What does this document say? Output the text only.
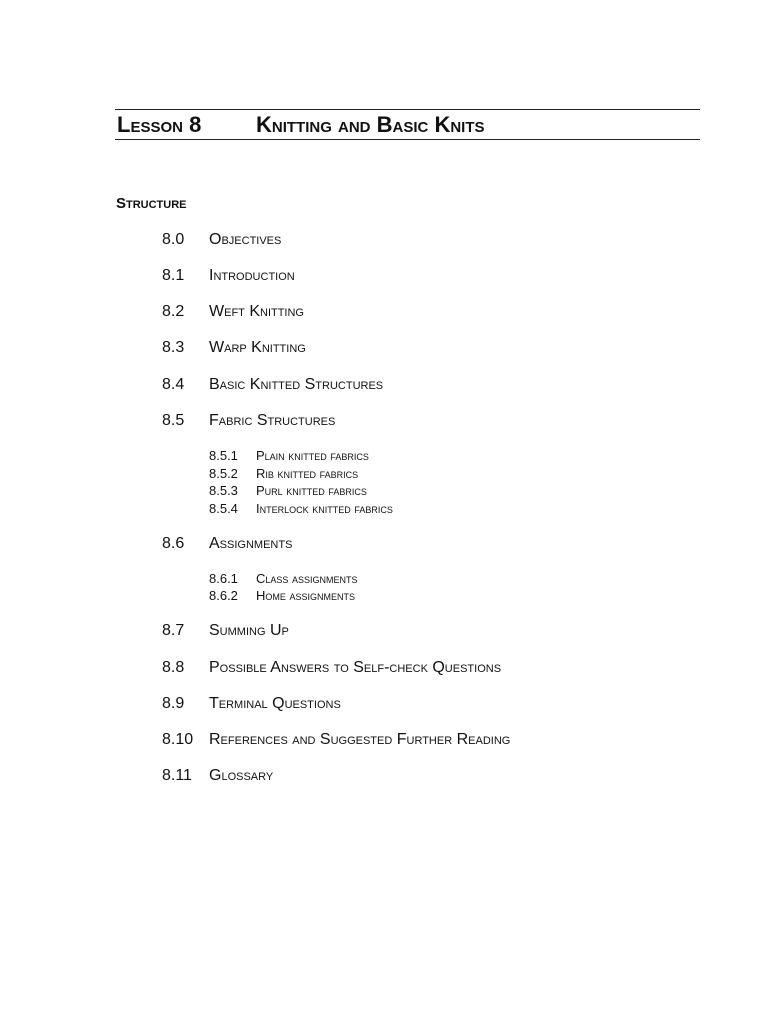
Lesson 8 Knitting and Basic Knits
Structure
8.0 Objectives
8.1 Introduction
8.2 Weft Knitting
8.3 Warp Knitting
8.4 Basic Knitted Structures
8.5 Fabric Structures
8.5.1 Plain knitted fabrics
8.5.2 Rib knitted fabrics
8.5.3 Purl knitted fabrics
8.5.4 Interlock knitted fabrics
8.6 Assignments
8.6.1 Class assignments
8.6.2 Home assignments
8.7 Summing Up
8.8 Possible Answers to Self-check Questions
8.9 Terminal Questions
8.10 References and Suggested Further Reading
8.11 Glossary
